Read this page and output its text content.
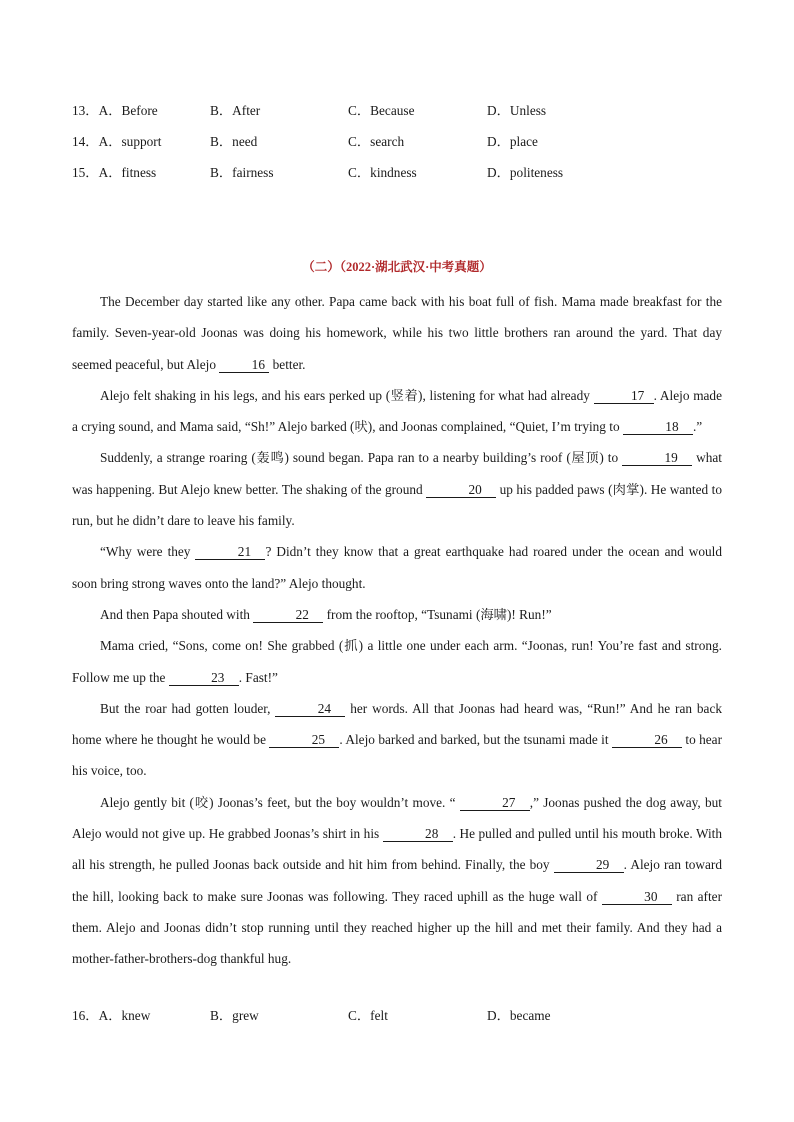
13．A．Before	B．After	C．Because	D．Unless
14．A．support	B．need	C．search	D．place
15．A．fitness	B．fairness	C．kindness	D．politeness
（二）（2022·湖北武汉·中考真题）

The December day started like any other. Papa came back with his boat full of fish. Mama made breakfast for the family. Seven-year-old Joonas was doing his homework, while his two little brothers ran around the yard. That day seemed peaceful, but Alejo 16 better.

Alejo felt shaking in his legs, and his ears perked up (竖着), listening for what had already	17 . Alejo made a crying sound, and Mama said, “Sh!” Alejo barked (吠), and Joonas complained, “Quiet, I’m trying to	18 .”

Suddenly, a strange roaring (轰鸣) sound began. Papa ran to a nearby building’s roof (屋顶) to	19 what was happening. But Alejo knew better. The shaking of the ground	20 up his padded paws (肉掌). He wanted to run, but he didn’t dare to leave his family.

“Why were they	21 ? Didn’t they know that a great earthquake had roared under the ocean and would soon bring strong waves onto the land?” Alejo thought.

And then Papa shouted with	22 from the rooftop, “Tsunami (海啸)! Run!”

Mama cried, “Sons, come on! She grabbed (抓) a little one under each arm. “Joonas, run! You’re fast and strong. Follow me up the	23 . Fast!”

But the roar had gotten louder,	24 her words. All that Joonas had heard was, “Run!” And he ran back home where he thought he would be	25 . Alejo barked and barked, but the tsunami made it	26 to hear his voice, too.

Alejo gently bit (咬) Joonas’s feet, but the boy wouldn’t move. “	27 ,” Joonas pushed the dog away, but Alejo would not give up. He grabbed Joonas’s shirt in his	28 . He pulled and pulled until his mouth broke. With all his strength, he pulled Joonas back outside and hit him from behind. Finally, the boy	29 . Alejo ran toward the hill, looking back to make sure Joonas was following. They raced uphill as the huge wall of	30 ran after them. Alejo and Joonas didn’t stop running until they reached higher up the hill and met their family. And they had a mother-father-brothers-dog thankful hug.

16．A．knew	B．grew	C．felt	D．became
